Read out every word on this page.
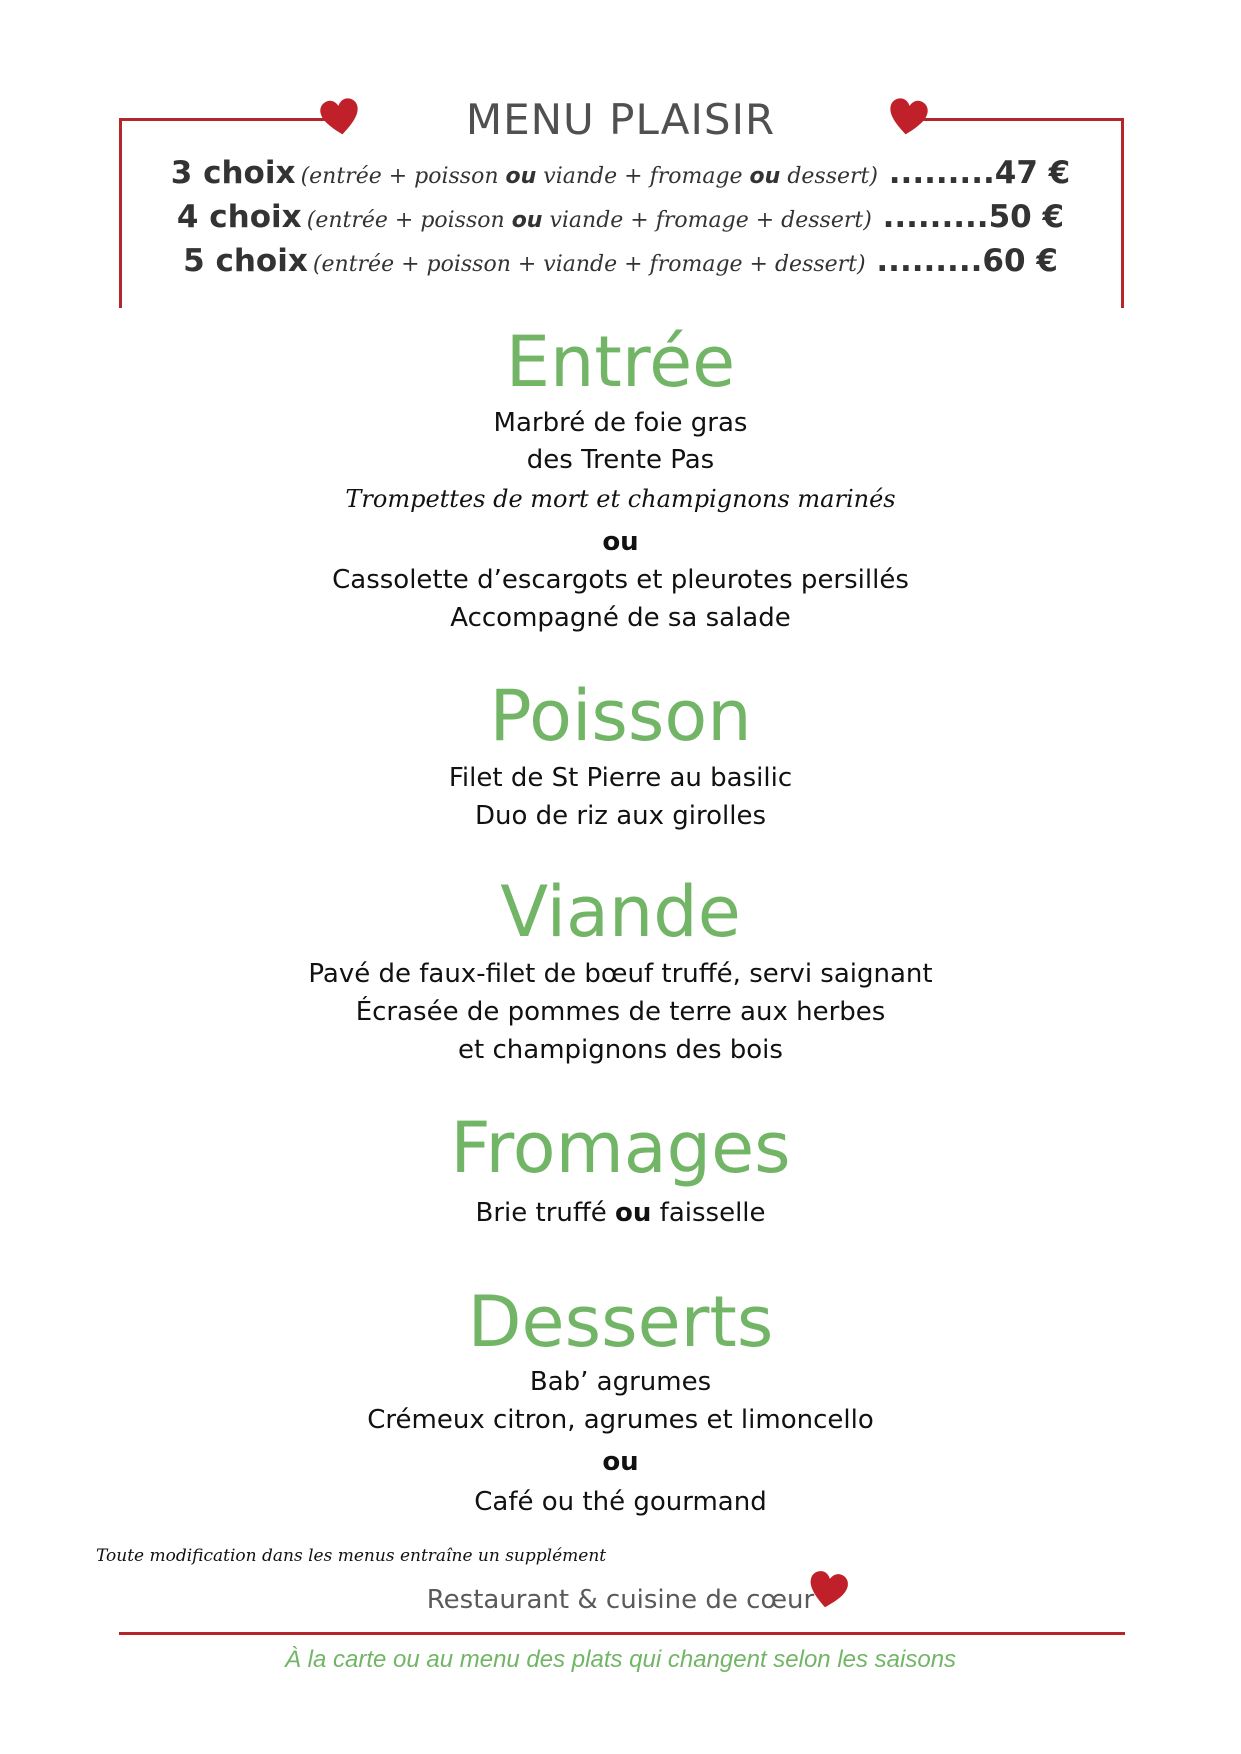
MENU PLAISIR
3 choix (entrée + poisson ou viande + fromage ou dessert) .........47 €
4 choix (entrée + poisson ou viande + fromage + dessert) .........50 €
5 choix (entrée + poisson + viande + fromage + dessert) .........60 €
Entrée
Marbré de foie gras
des Trente Pas
Trompettes de mort et champignons marinés
ou
Cassolette d’escargots et pleurotes persillés
Accompagné de sa salade
Poisson
Filet de St Pierre au basilic
Duo de riz aux girolles
Viande
Pavé de faux-filet de bœuf truffé, servi saignant
Écrasée de pommes de terre aux herbes
et champignons des bois
Fromages
Brie truffé ou faisselle
Desserts
Bab’ agrumes
Crémeux citron, agrumes et limoncello
ou
Café ou thé gourmand
Toute modification dans les menus entraîne un supplément
Restaurant & cuisine de cœur
À la carte ou au menu des plats qui changent selon les saisons
